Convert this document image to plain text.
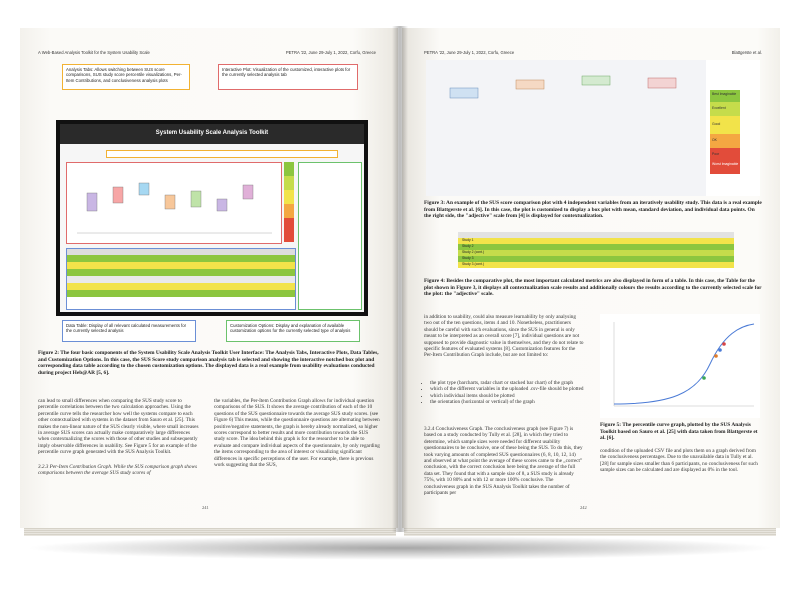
A Web-Based Analysis Toolkit for the System Usability Scale	PETRA '22, June 29-July 1, 2022, Corfu, Greece
Analysis Tabs: Allows switching between SUS score comparisons, SUS study score percentile visualizations, Per-Item Contributions, and conclusiveness analysis plots
Interactive Plot: Visualization of the customized, interactive plots for the currently selected analysis tab
System Usability Scale Analysis Toolkit
Data Table: Display of all relevant calculated measurements for the currently selected analysis
Customization Options: Display and explanation of available customization options for the currently selected type of analysis
Figure 2: The four basic components of the System Usability Scale Analysis Toolkit User Interface: The Analysis Tabs, Interactive Plots, Data Tables, and Customization Options. In this case, the SUS Score study comparison analysis tab is selected and showing the interactive notched box plot and corresponding data table according to the chosen customization options. The displayed data is a real example from usability evaluations conducted during project Heb@AR [5, 6].
can lead to small differences when comparing the SUS study score to percentile correlations between the two calculation approaches. Using the percentile curve tells the researcher how well the systems compare to each other contextualized with systems in the dataset from Sauro et al. [25]. This makes the non-linear nature of the SUS clearly visible, where small increases in average SUS scores can actually make comparatively large differences when contextualizing the scores with those of other studies and subsequently imply observable differences in usability. See Figure 5 for an example of the percentile curve graph generated with the SUS Analysis Toolkit.
3.2.3 Per-Item Contribution Graph. While the SUS comparison graph shows comparisons between the average SUS study scores of
the variables, the Per-Item Contribution Graph allows for individual question comparisons of the SUS. It shows the average contribution of each of the 10 questions of the SUS questionnaire towards the average SUS study scores. (see Figure 6) This means, while the questionnaire questions are alternating between positive/negative statements, the graph is hereby already normalized, so higher scores correspond to better results and more contribution towards the SUS study score. The idea behind this graph is for the researcher to be able to evaluate and compare individual aspects of the questionnaire, by only regarding the items corresponding to the area of interest or visualizing significant differences in specific perceptions of the user. For example, there is previous work suggesting that the SUS,
241
PETRA '22, June 29-July 1, 2022, Corfu, Greece	Blattgerste et al.
Best Imaginable
Excellent
Good
OK
Poor
Worst Imaginable
Figure 3: An example of the SUS score comparison plot with 4 independent variables from an iteratively usability study. This data is a real example from Blattgerste et al. [6]. In this case, the plot is customized to display a box plot with mean, standard deviation, and individual data points. On the right side, the "adjective" scale from [4] is displayed for contextualization.
Study 1
Study 2
Study 2 (cont.)
Study 3
Study 3 (cont.)
Figure 4: Besides the comparative plot, the most important calculated metrics are also displayed in form of a table. In this case, the Table for the plot shown in Figure 3, it displays all contextualization scale results and additionally colours the results according to the currently selected scale for the plot: the "adjective" scale.
in addition to usability, could also measure learnability by only analysing two out of the ten questions, items 4 and 10. Nonetheless, practitioners should be careful with such evaluations, since the SUS in general is only meant to be interpreted as an overall score [7], individual questions are not supposed to provide diagnostic value in themselves, and they do not relate to specific features of evaluated systems [8]. Customization features for the Per-Item Contribution Graph include, but are not limited to:
• the plot type (barcharts, radar chart or stacked bar chart) of the graph
• which of the different variables in the uploaded .csv-file should be plotted
• which individual items should be plotted
• the orientation (horizontal or vertical) of the graph
3.2.4 Conclusiveness Graph. The conclusiveness graph (see Figure 7) is based on a study conducted by Tully et al. [28], in which they tried to determine, which sample sizes were needed for different usability questionnaires to be conclusive, one of these being the SUS. To do this, they took varying amounts of completed SUS questionnaires (6, 8, 10, 12, 14) and observed at what point the average of these scores came to the „correct” conclusion, with the correct conclusion here being the average of the full data set. They found that with a sample size of 8, a SUS study is already 75%, with 10 80% and with 12 or more 100% conclusive. The conclusiveness graph in the SUS Analysis Toolkit takes the number of participants per
Figure 5: The percentile curve graph, plotted by the SUS Analysis Toolkit based on Sauro et al. [25] with data taken from Blattgerste et al. [6].
condition of the uploaded CSV file and plots them on a graph derived from the conclusiveness percentages. Due to the unavailable data in Tully et al. [28] for sample sizes smaller than 6 participants, no conclusiveness for such sample sizes can be calculated and are displayed as 0% in the tool.
242
